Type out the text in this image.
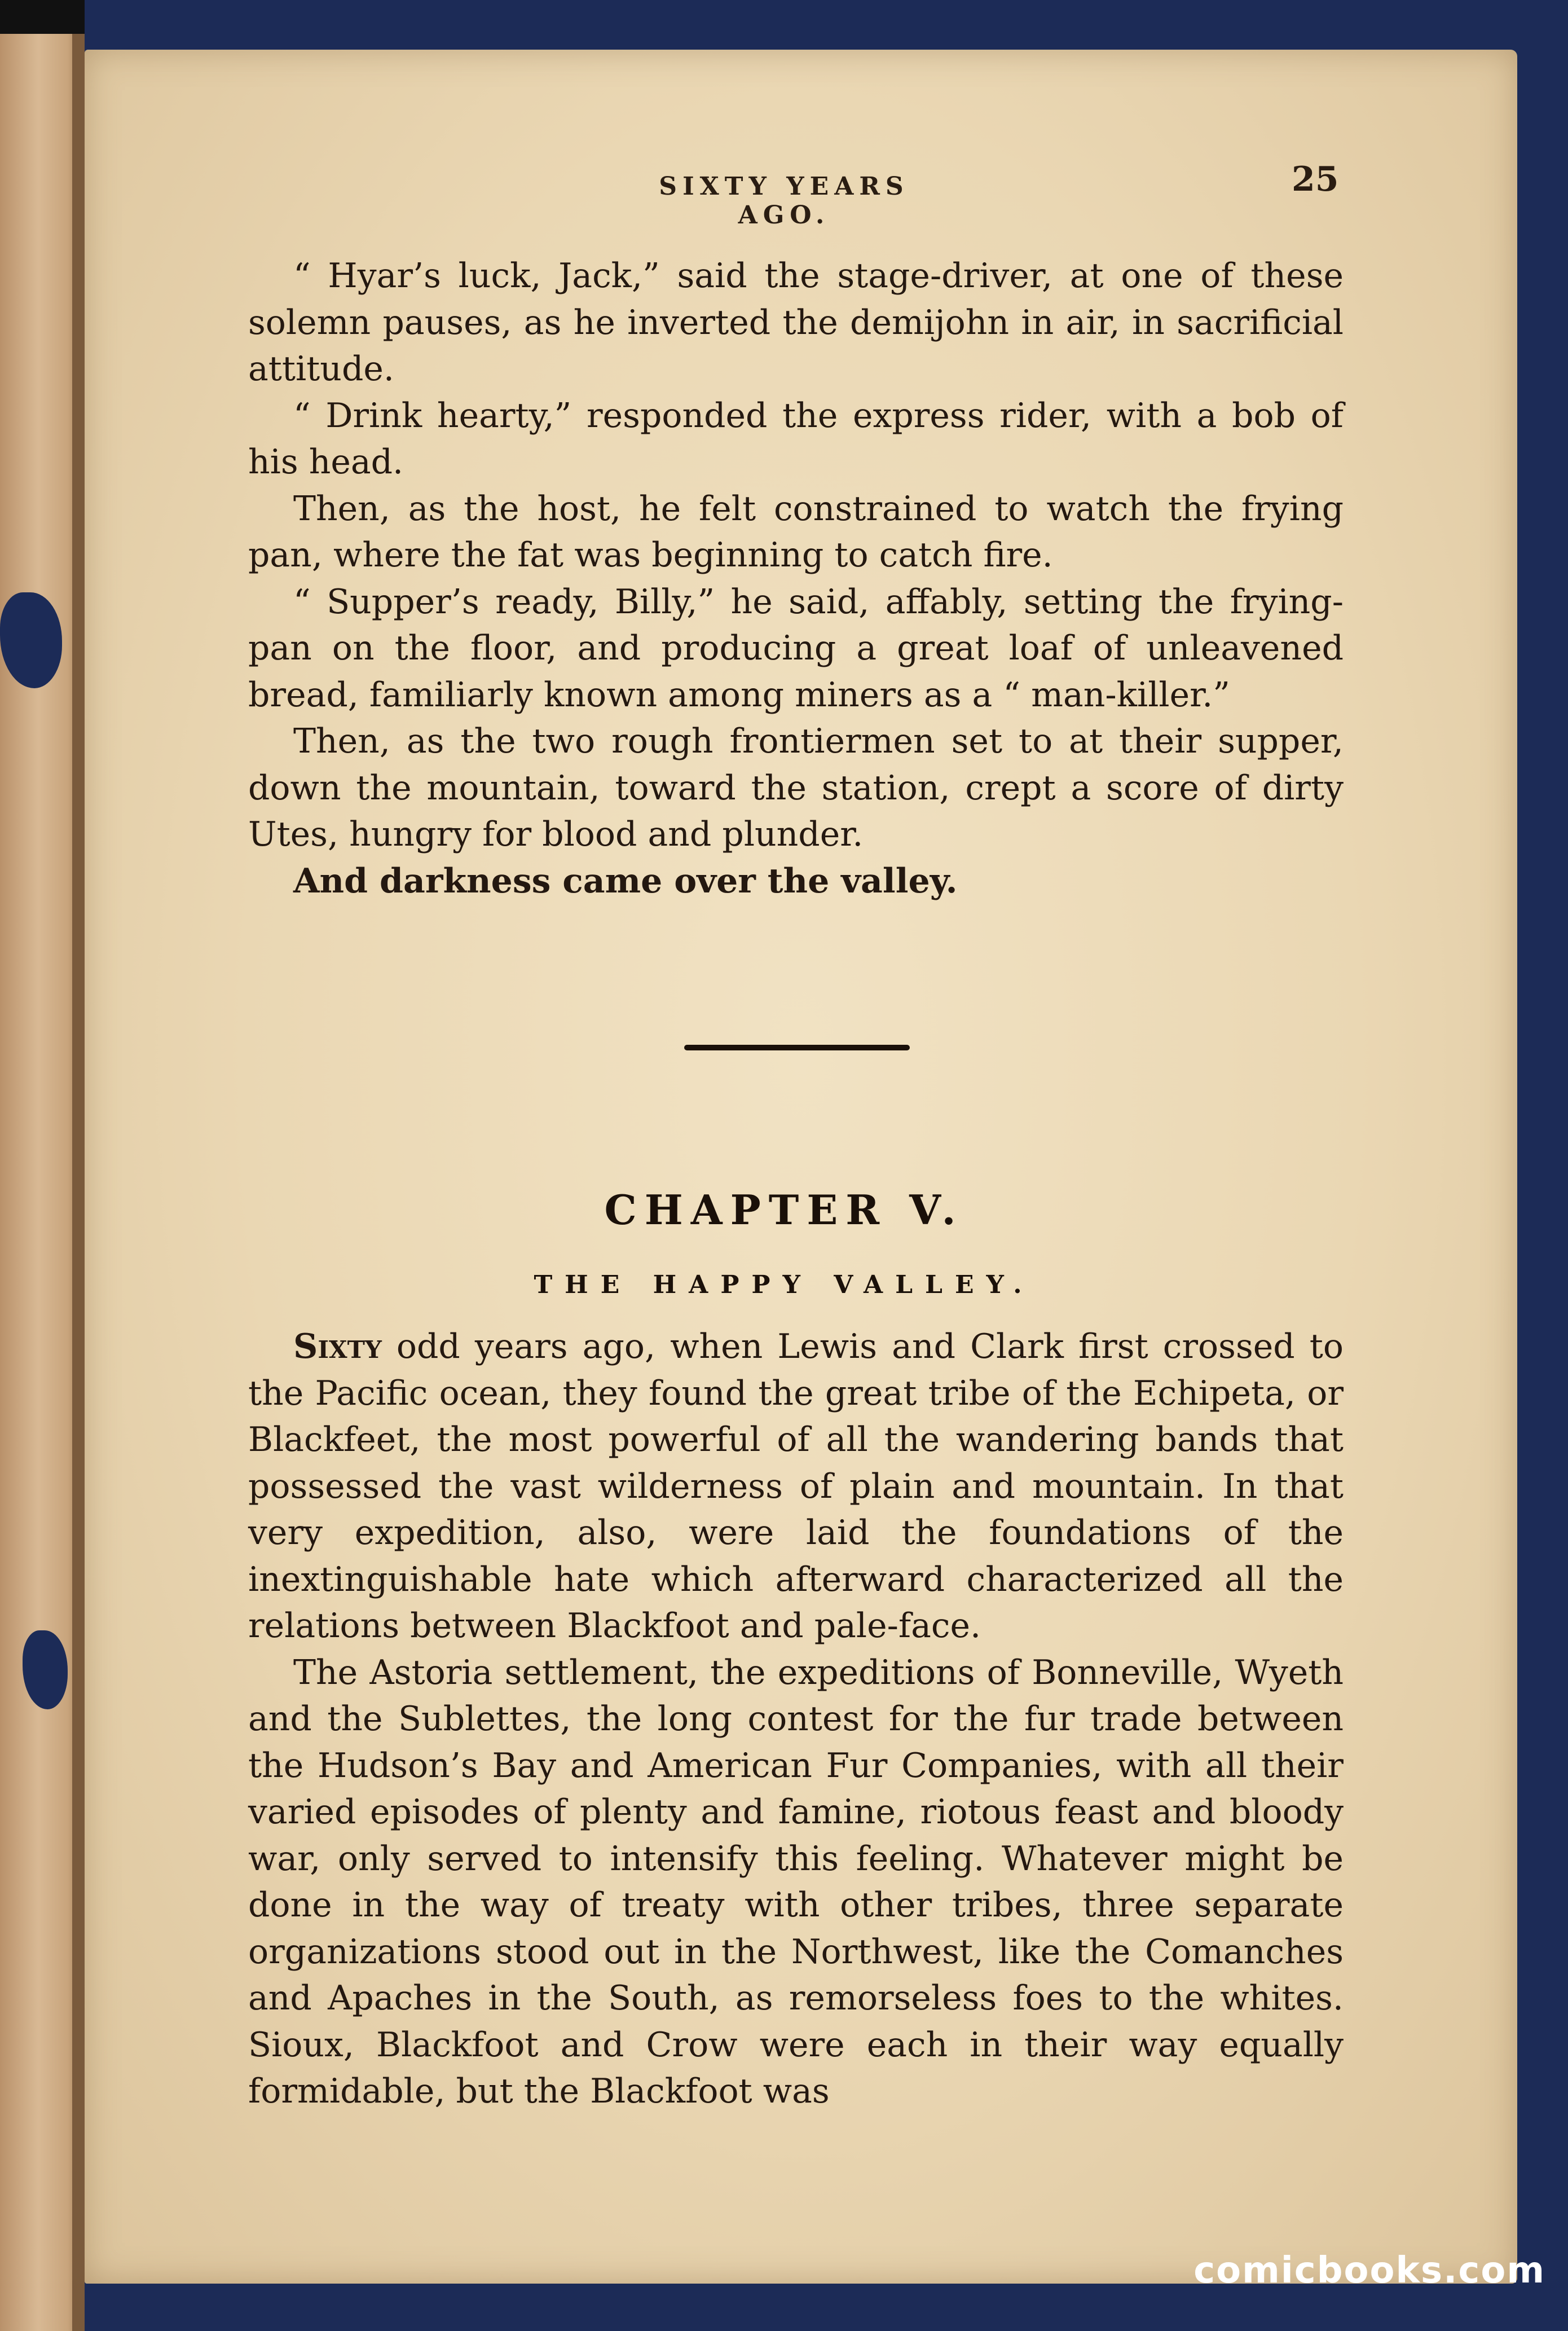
SIXTY YEARS AGO.
25

“ Hyar’s luck, Jack,” said the stage-driver, at one of these solemn pauses, as he inverted the demijohn in air, in sacrificial attitude.

“ Drink hearty,” responded the express rider, with a bob of his head.

Then, as the host, he felt constrained to watch the frying pan, where the fat was beginning to catch fire.

“ Supper’s ready, Billy,” he said, affably, setting the frying-pan on the floor, and producing a great loaf of unleavened bread, familiarly known among miners as a “ man-killer.”

Then, as the two rough frontiermen set to at their supper, down the mountain, toward the station, crept a score of dirty Utes, hungry for blood and plunder.

And darkness came over the valley.

CHAPTER V.
THE HAPPY VALLEY.

Sixty odd years ago, when Lewis and Clark first crossed to the Pacific ocean, they found the great tribe of the Echipeta, or Blackfeet, the most powerful of all the wandering bands that possessed the vast wilderness of plain and mountain. In that very expedition, also, were laid the foundations of the inextinguishable hate which afterward characterized all the relations between Blackfoot and pale-face.

The Astoria settlement, the expeditions of Bonneville, Wyeth and the Sublettes, the long contest for the fur trade between the Hudson’s Bay and American Fur Companies, with all their varied episodes of plenty and famine, riotous feast and bloody war, only served to intensify this feeling. Whatever might be done in the way of treaty with other tribes, three separate organizations stood out in the Northwest, like the Comanches and Apaches in the South, as remorseless foes to the whites. Sioux, Blackfoot and Crow were each in their way equally formidable, but the Blackfoot was

comicbooks.com
